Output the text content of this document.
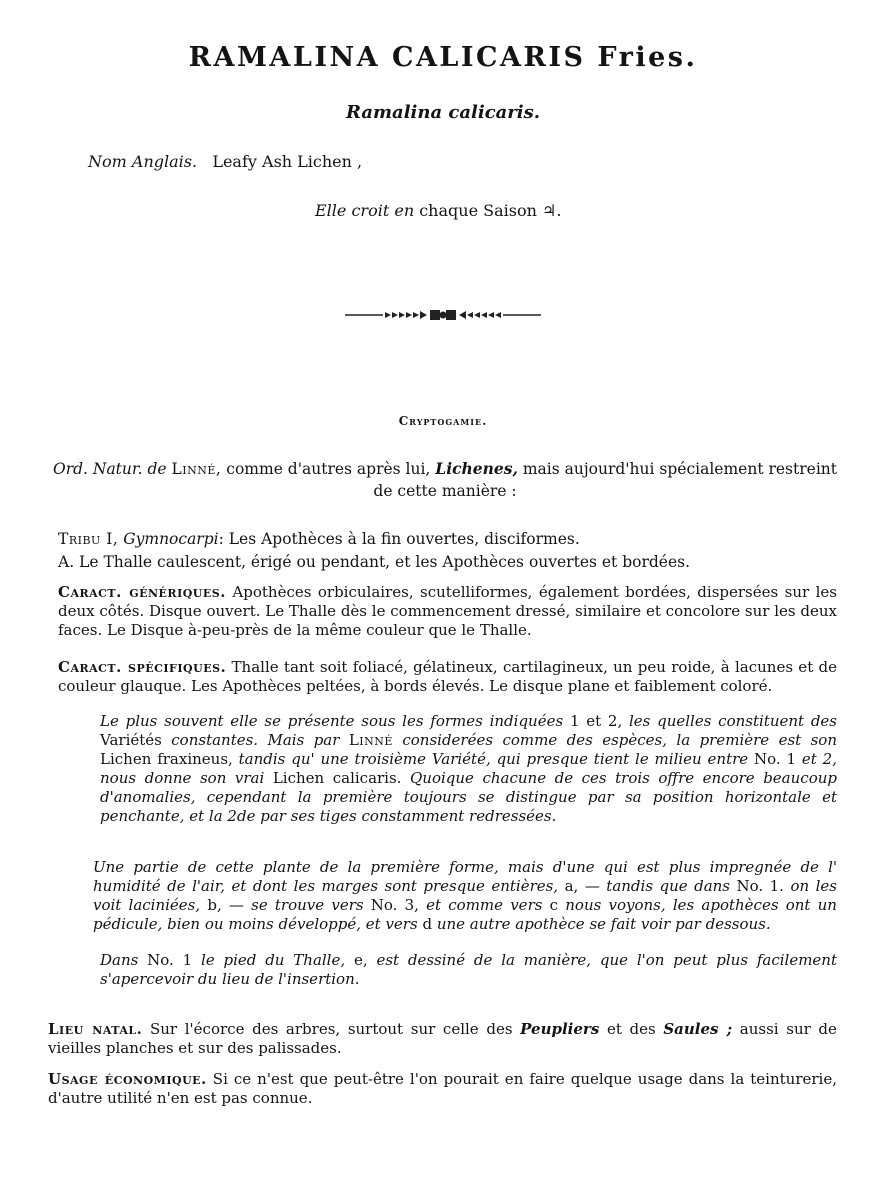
RAMALINA CALICARIS Fries.
Ramalina calicaris.
Nom Anglais. Leafy Ash Lichen ,
Elle croit en chaque Saison ♃.
Cryptogamie.
Ord. Natur. de Linné, comme d'autres après lui, Lichenes, mais aujourd'hui spécialement restreint de cette manière :
Tribu I, Gymnocarpi: Les Apothèces à la fin ouvertes, disciformes.
A. Le Thalle caulescent, érigé ou pendant, et les Apothèces ouvertes et bordées.
Caract. génériques. Apothèces orbiculaires, scutelliformes, également bordées, dispersées sur les deux côtés. Disque ouvert. Le Thalle dès le commencement dressé, similaire et concolore sur les deux faces. Le Disque à-peu-près de la même couleur que le Thalle.
Caract. spécifiques. Thalle tant soit foliacé, gélatineux, cartilagineux, un peu roide, à lacunes et de couleur glauque. Les Apothèces peltées, à bords élevés. Le disque plane et faiblement coloré.
Le plus souvent elle se présente sous les formes indiquées 1 et 2, les quelles constituent des Variétés constantes. Mais par Linné considerées comme des espèces, la première est son Lichen fraxineus, tandis qu' une troisième Variété, qui presque tient le milieu entre No. 1 et 2, nous donne son vrai Lichen calicaris. Quoique chacune de ces trois offre encore beaucoup d'anomalies, cependant la première toujours se distingue par sa position horizontale et penchante, et la 2de par ses tiges constamment redressées.
Une partie de cette plante de la première forme, mais d'une qui est plus impregnée de l' humidité de l'air, et dont les marges sont presque entières, a, — tandis que dans No. 1. on les voit laciniées, b, — se trouve vers No. 3, et comme vers c nous voyons, les apothèces ont un pédicule, bien ou moins développé, et vers d une autre apothèce se fait voir par dessous.
Dans No. 1 le pied du Thalle, e, est dessiné de la manière, que l'on peut plus facilement s'apercevoir du lieu de l'insertion.
Lieu natal. Sur l'écorce des arbres, surtout sur celle des Peupliers et des Saules ; aussi sur de vieilles planches et sur des palissades.
Usage économique. Si ce n'est que peut-être l'on pourait en faire quelque usage dans la teinturerie, d'autre utilité n'en est pas connue.
